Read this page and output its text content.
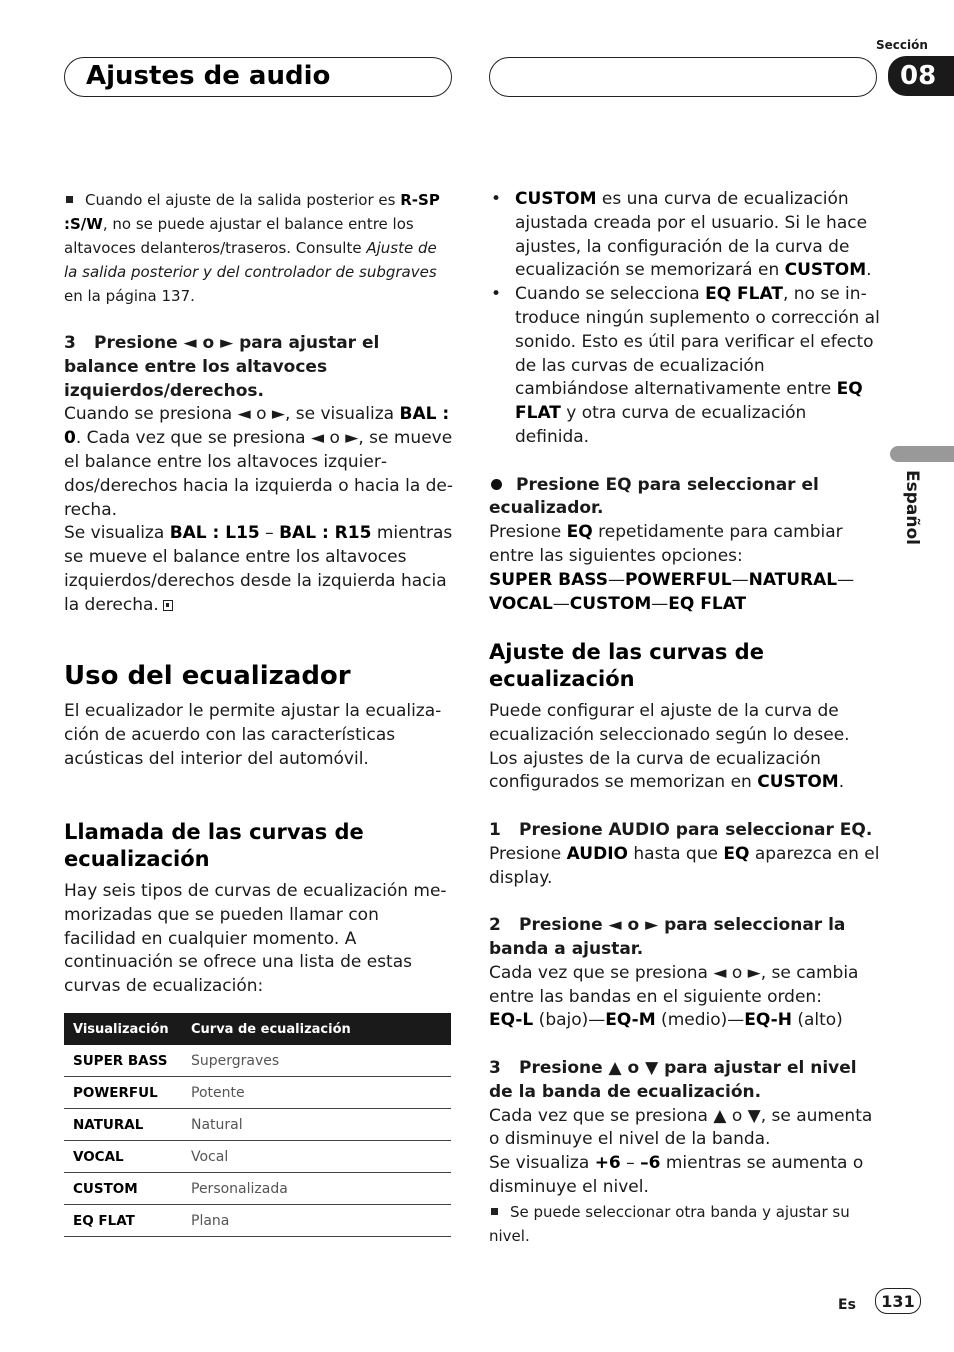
Ajustes de audio
Sección
08

Cuando el ajuste de la salida posterior es R-SP :S/W, no se puede ajustar el balance entre los altavoces delanteros/traseros. Consulte Ajuste de la salida posterior y del controlador de subgraves en la página 137.

3 Presione ◄ o ► para ajustar el balance entre los altavoces izquierdos/derechos.

Cuando se presiona ◄ o ►, se visualiza BAL : 0. Cada vez que se presiona ◄ o ►, se mueve el balance entre los altavoces izquierdos/derechos hacia la izquierda o hacia la derecha.

Se visualiza BAL : L15 – BAL : R15 mientras se mueve el balance entre los altavoces izquierdos/derechos desde la izquierda hacia la derecha.

Uso del ecualizador

El ecualizador le permite ajustar la ecualización de acuerdo con las características acústicas del interior del automóvil.

Llamada de las curvas de ecualización

Hay seis tipos de curvas de ecualización memorizadas que se pueden llamar con facilidad en cualquier momento. A continuación se ofrece una lista de estas curvas de ecualización:

Visualización	Curva de ecualización
SUPER BASS	Supergraves
POWERFUL	Potente
NATURAL	Natural
VOCAL	Vocal
CUSTOM	Personalizada
EQ FLAT	Plana

• CUSTOM es una curva de ecualización ajustada creada por el usuario. Si le hace ajustes, la configuración de la curva de ecualización se memorizará en CUSTOM.

• Cuando se selecciona EQ FLAT, no se introduce ningún suplemento o corrección al sonido. Esto es útil para verificar el efecto de las curvas de ecualización cambiándose alternativamente entre EQ FLAT y otra curva de ecualización definida.

Presione EQ para seleccionar el ecualizador.

Presione EQ repetidamente para cambiar entre las siguientes opciones:

SUPER BASS—POWERFUL—NATURAL—
VOCAL—CUSTOM—EQ FLAT

Ajuste de las curvas de ecualización

Puede configurar el ajuste de la curva de ecualización seleccionado según lo desee. Los ajustes de la curva de ecualización configurados se memorizan en CUSTOM.

1 Presione AUDIO para seleccionar EQ.

Presione AUDIO hasta que EQ aparezca en el display.

2 Presione ◄ o ► para seleccionar la banda a ajustar.

Cada vez que se presiona ◄ o ►, se cambia entre las bandas en el siguiente orden:

EQ-L (bajo)—EQ-M (medio)—EQ-H (alto)

3 Presione ▲ o ▼ para ajustar el nivel de la banda de ecualización.

Cada vez que se presiona ▲ o ▼, se aumenta o disminuye el nivel de la banda.

Se visualiza +6 – –6 mientras se aumenta o disminuye el nivel.

Se puede seleccionar otra banda y ajustar su nivel.

Español
Es	131
